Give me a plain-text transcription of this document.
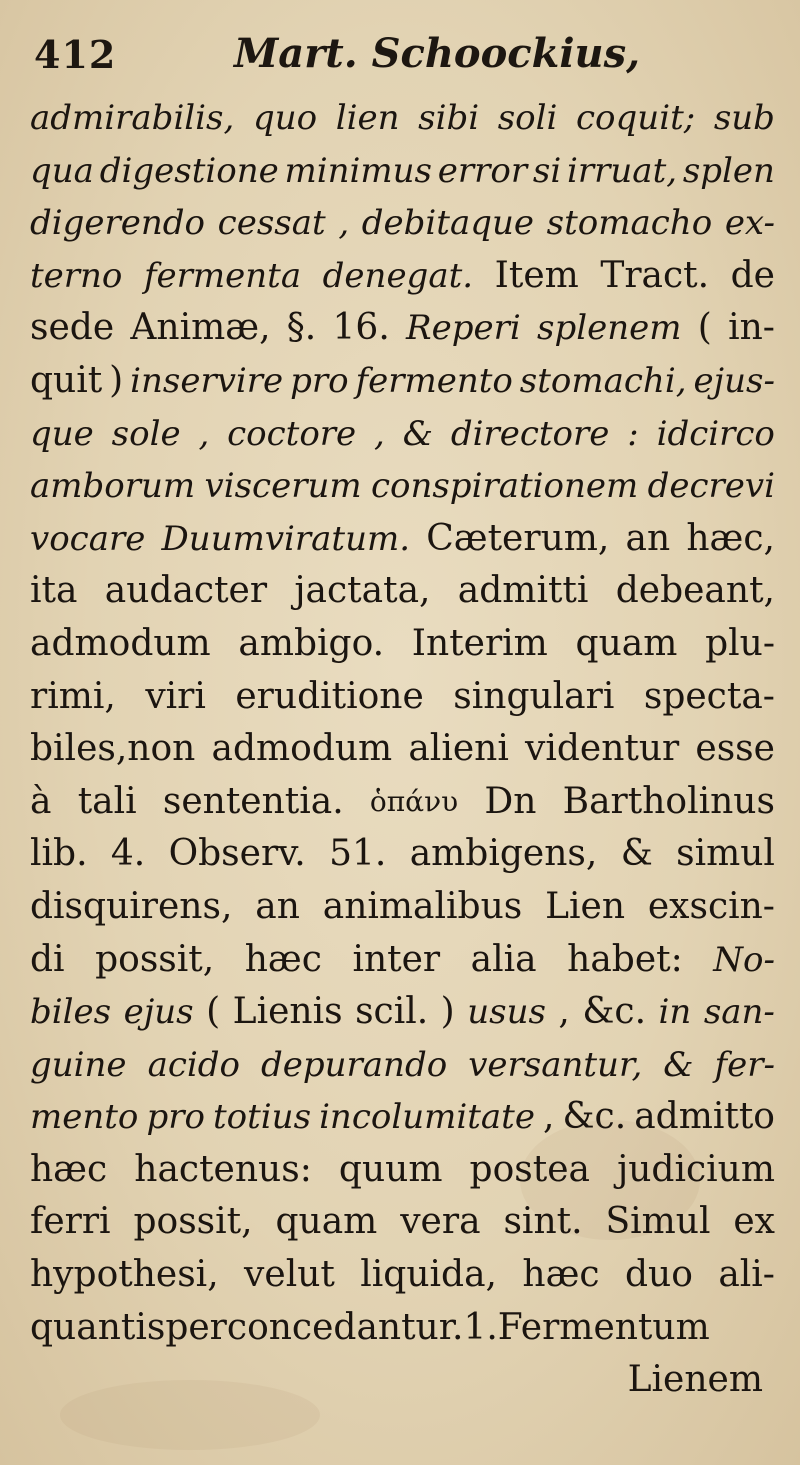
412	Mart. Schoockius,
admirabilis, quo lien sibi soli coquit; sub
qua digestione minimus error si irruat, splen
digerendo cessat , debitaque stomacho ex-
terno fermenta denegat. Item Tract. de
sede Animæ, §. 16. Reperi splenem ( in-
quit ) inservire pro fermento stomachi, ejus-
que sole , coctore , & directore : idcirco
amborum viscerum conspirationem decrevi
vocare Duumviratum. Cæterum, an hæc,
ita audacter jactata, admitti debeant,
admodum ambigo. Interim quam plu-
rimi, viri eruditione singulari specta-
biles,non admodum alieni videntur esse
à tali sententia. ὁπάνυ Dn Bartholinus
lib. 4. Observ. 51. ambigens, & simul
disquirens, an animalibus Lien exscin-
di possit, hæc inter alia habet: No-
biles ejus ( Lienis scil. ) usus , &c. in san-
guine acido depurando versantur, & fer-
mento pro totius incolumitate , &c. admitto
hæc hactenus: quum postea judicium
ferri possit, quam vera sint. Simul ex
hypothesi, velut liquida, hæc duo ali-
quantisper concedantur. 1.Fermentum
Lienem
